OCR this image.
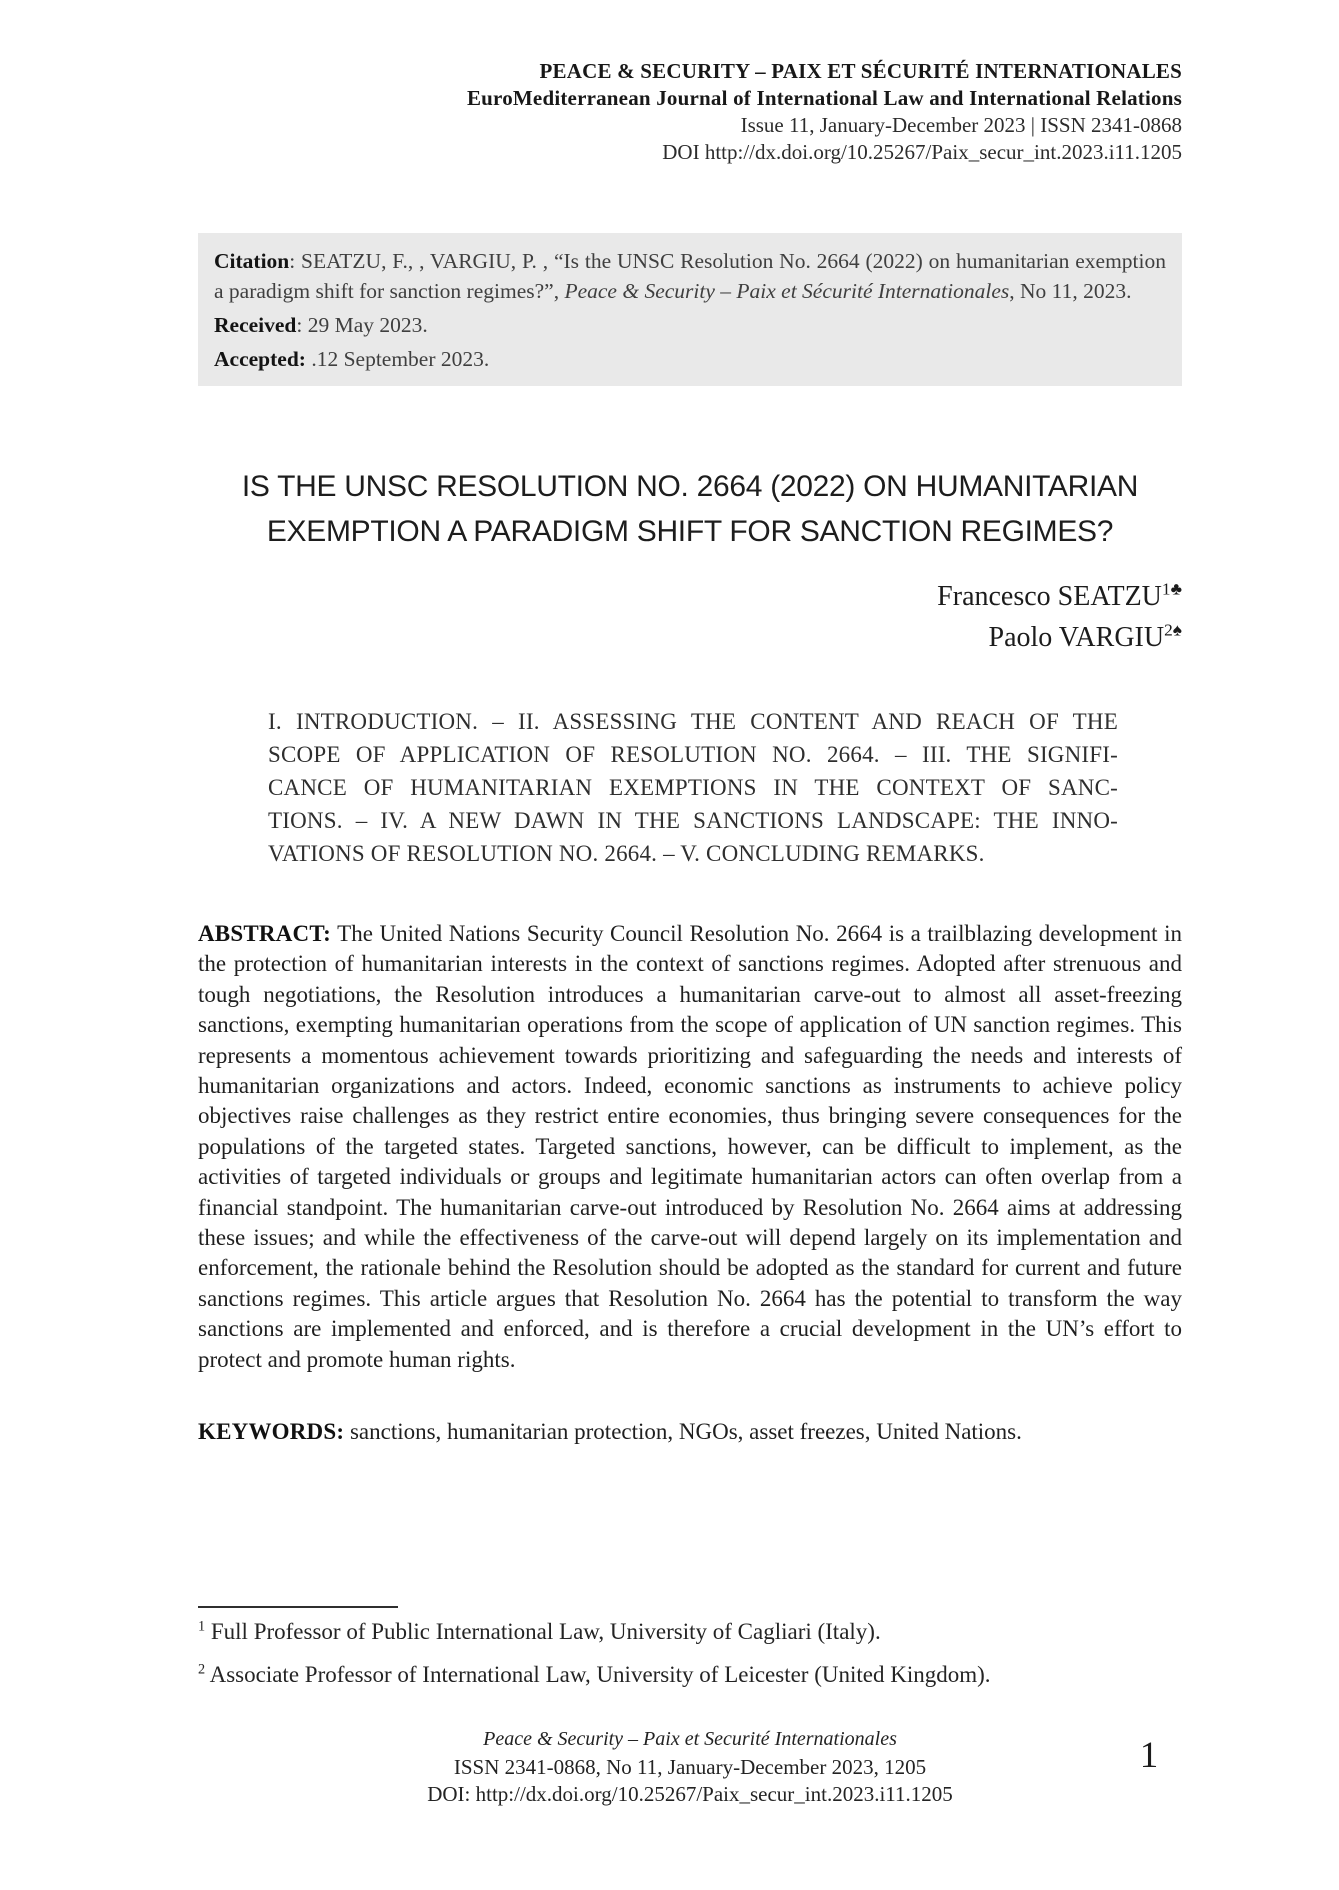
PEACE & SECURITY – PAIX ET SÉCURITÉ INTERNATIONALES
EuroMediterranean Journal of International Law and International Relations
Issue 11, January-December 2023 | ISSN 2341-0868
DOI http://dx.doi.org/10.25267/Paix_secur_int.2023.i11.1205

Citation: SEATZU, F., , VARGIU, P. , “Is the UNSC Resolution No. 2664 (2022) on humanitarian exemption a paradigm shift for sanction regimes?”, Peace & Security – Paix et Sécurité Internationales, No 11, 2023.

Received: 29 May 2023.

Accepted: .12 September 2023.

IS THE UNSC RESOLUTION NO. 2664 (2022) ON HUMANITARIAN
EXEMPTION A PARADIGM SHIFT FOR SANCTION REGIMES?
Francesco $SEATZU^{1♣}$
Paolo $VARGIU^{2♠}$
I. INTRODUCTION. – II. ASSESSING THE CONTENT AND REACH OF THE
SCOPE OF APPLICATION OF RESOLUTION NO. 2664. – III. THE SIGNIFI-
CANCE OF HUMANITARIAN EXEMPTIONS IN THE CONTEXT OF SANC-
TIONS. – IV. A NEW DAWN IN THE SANCTIONS LANDSCAPE: THE INNO-
VATIONS OF RESOLUTION NO. 2664. – V. CONCLUDING REMARKS.

ABSTRACT: The United Nations Security Council Resolution No. 2664 is a trailblazing development in the protection of humanitarian interests in the context of sanctions regimes. Adopted after strenuous and tough negotiations, the Resolution introduces a humanitarian carve-out to almost all asset-freezing sanctions, exempting humanitarian operations from the scope of application of UN sanction regimes. This represents a momentous achievement towards prioritizing and safeguarding the needs and interests of humanitarian organizations and actors. Indeed, economic sanctions as instruments to achieve policy objectives raise challenges as they restrict entire economies, thus bringing severe consequences for the populations of the targeted states. Targeted sanctions, however, can be difficult to implement, as the activities of targeted individuals or groups and legitimate humanitarian actors can often overlap from a financial standpoint. The humanitarian carve-out introduced by Resolution No. 2664 aims at addressing these issues; and while the effectiveness of the carve-out will depend largely on its implementation and enforcement, the rationale behind the Resolution should be adopted as the standard for current and future sanctions regimes. This article argues that Resolution No. 2664 has the potential to transform the way sanctions are implemented and enforced, and is therefore a crucial development in the UN’s effort to protect and promote human rights.

KEYWORDS: sanctions, humanitarian protection, NGOs, asset freezes, United Nations.

$^1$ Full Professor of Public International Law, University of Cagliari (Italy).

$^2$ Associate Professor of International Law, University of Leicester (United Kingdom).

Peace & Security – Paix et Securité Internationales
ISSN 2341-0868, No 11, January-December 2023, 1205
DOI: http://dx.doi.org/10.25267/Paix_secur_int.2023.i11.1205
1
